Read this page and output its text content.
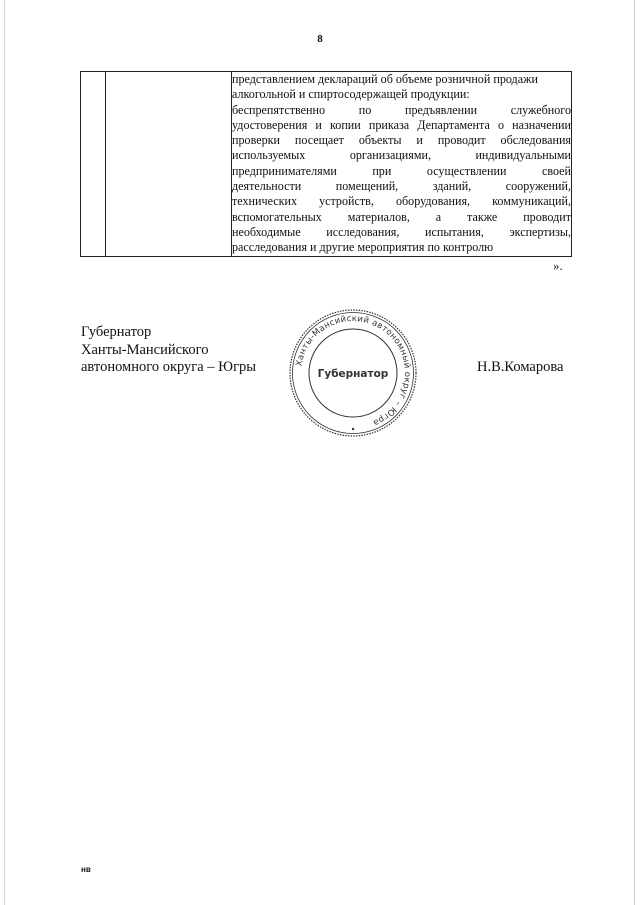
8

представлением деклараций об объеме розничной продажи
алкогольной и спиртосодержащей продукции:
беспрепятственно по предъявлении служебного
удостоверения и копии приказа Департамента о назначении
проверки посещает объекты и проводит обследования
используемых организациями, индивидуальными
предпринимателями при осуществлении своей
деятельности помещений, зданий, сооружений,
технических устройств, оборудования, коммуникаций,
вспомогательных материалов, а также проводит
необходимые исследования, испытания, экспертизы,
расследования и другие мероприятия по контролю
».
Губернатор
Ханты-Мансийского
автономного округа – Югры	Ханты-Мансийский автономный округ – Югра
Губернатор	Н.В.Комарова
нв
